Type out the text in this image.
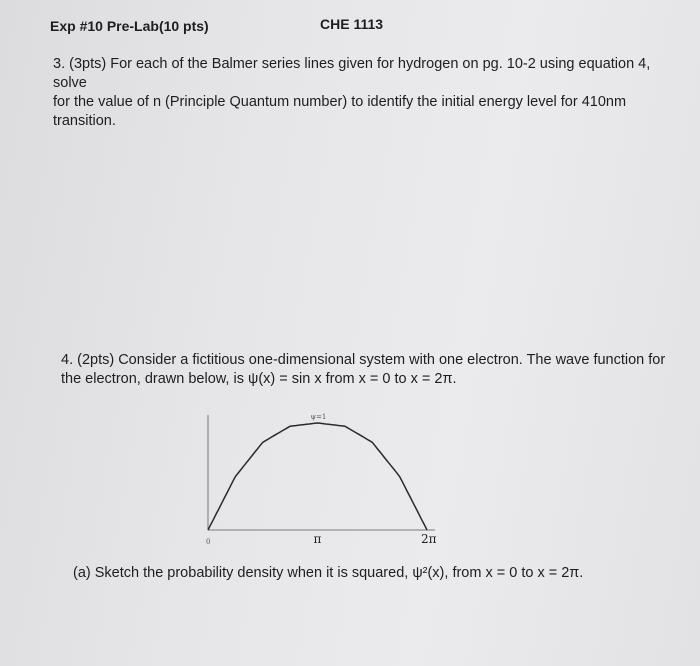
Exp #10 Pre-Lab(10 pts)	CHE 1113

3. (3pts) For each of the Balmer series lines given for hydrogen on pg. 10-2 using equation 4, solve
for the value of n (Principle Quantum number) to identify the initial energy level for 410nm
transition.
4. (2pts) Consider a fictitious one-dimensional system with one electron. The wave function for
the electron, drawn below, is ψ(x) = sin x from x = 0 to x = 2π.
ψ=1
0	π	2π
(a) Sketch the probability density when it is squared, ψ²(x), from x = 0 to x = 2π.
